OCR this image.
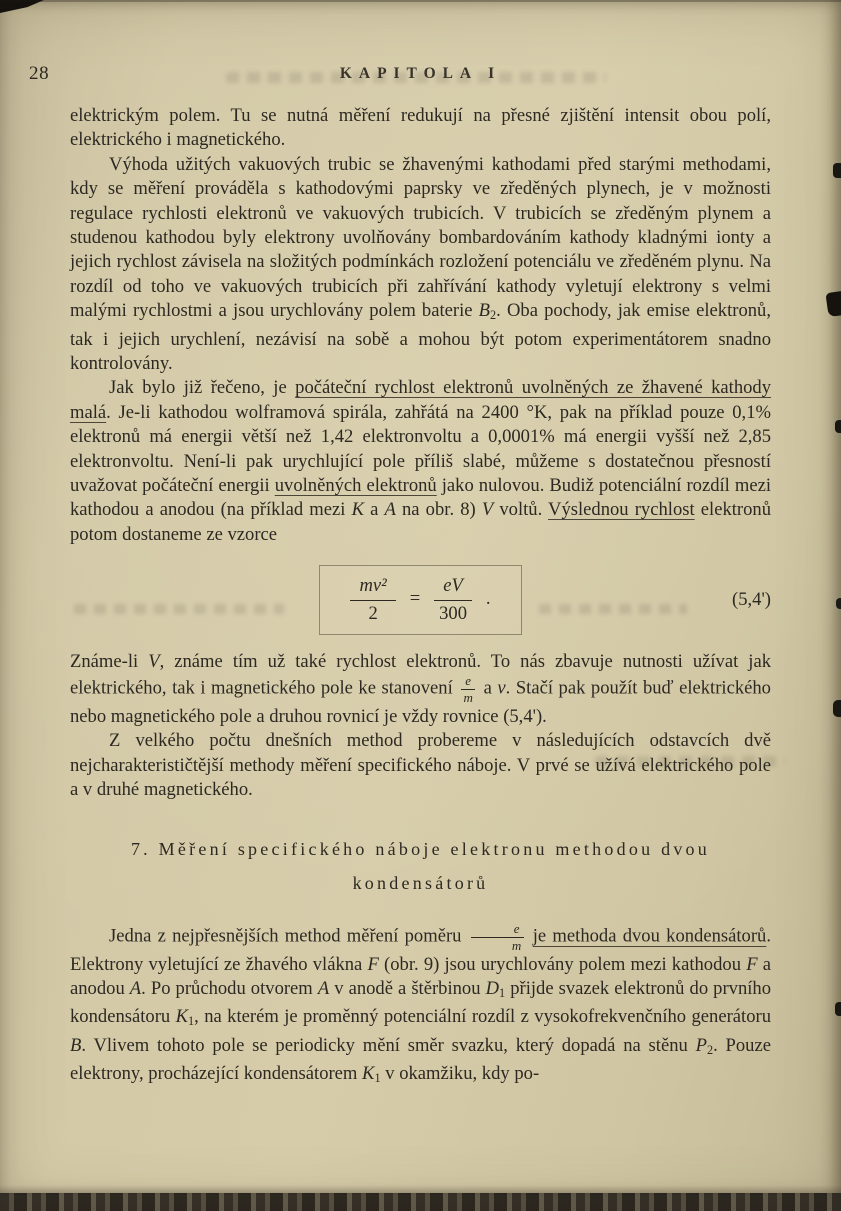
28	KAPITOLA I

elektrickým polem. Tu se nutná měření redukují na přesné zjištění intensit obou polí, elektrického i magnetického.

Výhoda užitých vakuových trubic se žhavenými kathodami před starými methodami, kdy se měření prováděla s kathodovými paprsky ve zředěných plynech, je v možnosti regulace rychlosti elektronů ve vakuových trubicích. V trubicích se zředěným plynem a studenou kathodou byly elektrony uvolňovány bombardováním kathody kladnými ionty a jejich rychlost závisela na složitých podmínkách rozložení potenciálu ve zředěném plynu. Na rozdíl od toho ve vakuových trubicích při zahřívání kathody vyletují elektrony s velmi malými rychlostmi a jsou urychlovány polem baterie B2. Oba pochody, jak emise elektronů, tak i jejich urychlení, nezávisí na sobě a mohou být potom experimentátorem snadno kontrolovány.

Jak bylo již řečeno, je počáteční rychlost elektronů uvolněných ze žhavené kathody malá. Je-li kathodou wolframová spirála, zahřátá na 2400 °K, pak na příklad pouze 0,1% elektronů má energii větší než 1,42 elektronvoltu a 0,0001% má energii vyšší než 2,85 elektronvoltu. Není-li pak urychlující pole příliš slabé, můžeme s dostatečnou přesností uvažovat počáteční energii uvolněných elektronů jako nulovou. Budiž potenciální rozdíl mezi kathodou a anodou (na příklad mezi K a A na obr. 8) V voltů. Výslednou rychlost elektronů potom dostaneme ze vzorce

$\frac{\text{mv²}}{2} = \frac{eV}{300}$ .	(5,4')

Známe-li V, známe tím už také rychlost elektronů. To nás zbavuje nutnosti užívat jak elektrického, tak i magnetického pole ke stanovení $\frac{e}{m}$ a v. Stačí pak použít buď elektrického nebo magnetického pole a druhou rovnicí je vždy rovnice (5,4').

Z velkého počtu dnešních method probereme v následujících odstavcích dvě nejcharakterističtější methody měření specifického náboje. V prvé se užívá elektrického pole a v druhé magnetického.

7. Měření specifického náboje elektronu methodou dvou kondensátorů

Jedna z nejpřesnějších method měření poměru $\frac{e}{m}$ je methoda dvou kondensátorů. Elektrony vyletující ze žhavého vlákna F (obr. 9) jsou urychlovány polem mezi kathodou F a anodou A. Po průchodu otvorem A v anodě a štěrbinou D1 přijde svazek elektronů do prvního kondensátoru K1, na kterém je proměnný potenciální rozdíl z vysokofrekvenčního generátoru B. Vlivem tohoto pole se periodicky mění směr svazku, který dopadá na stěnu P2. Pouze elektrony, procházející kondensátorem K1 v okamžiku, kdy po-
